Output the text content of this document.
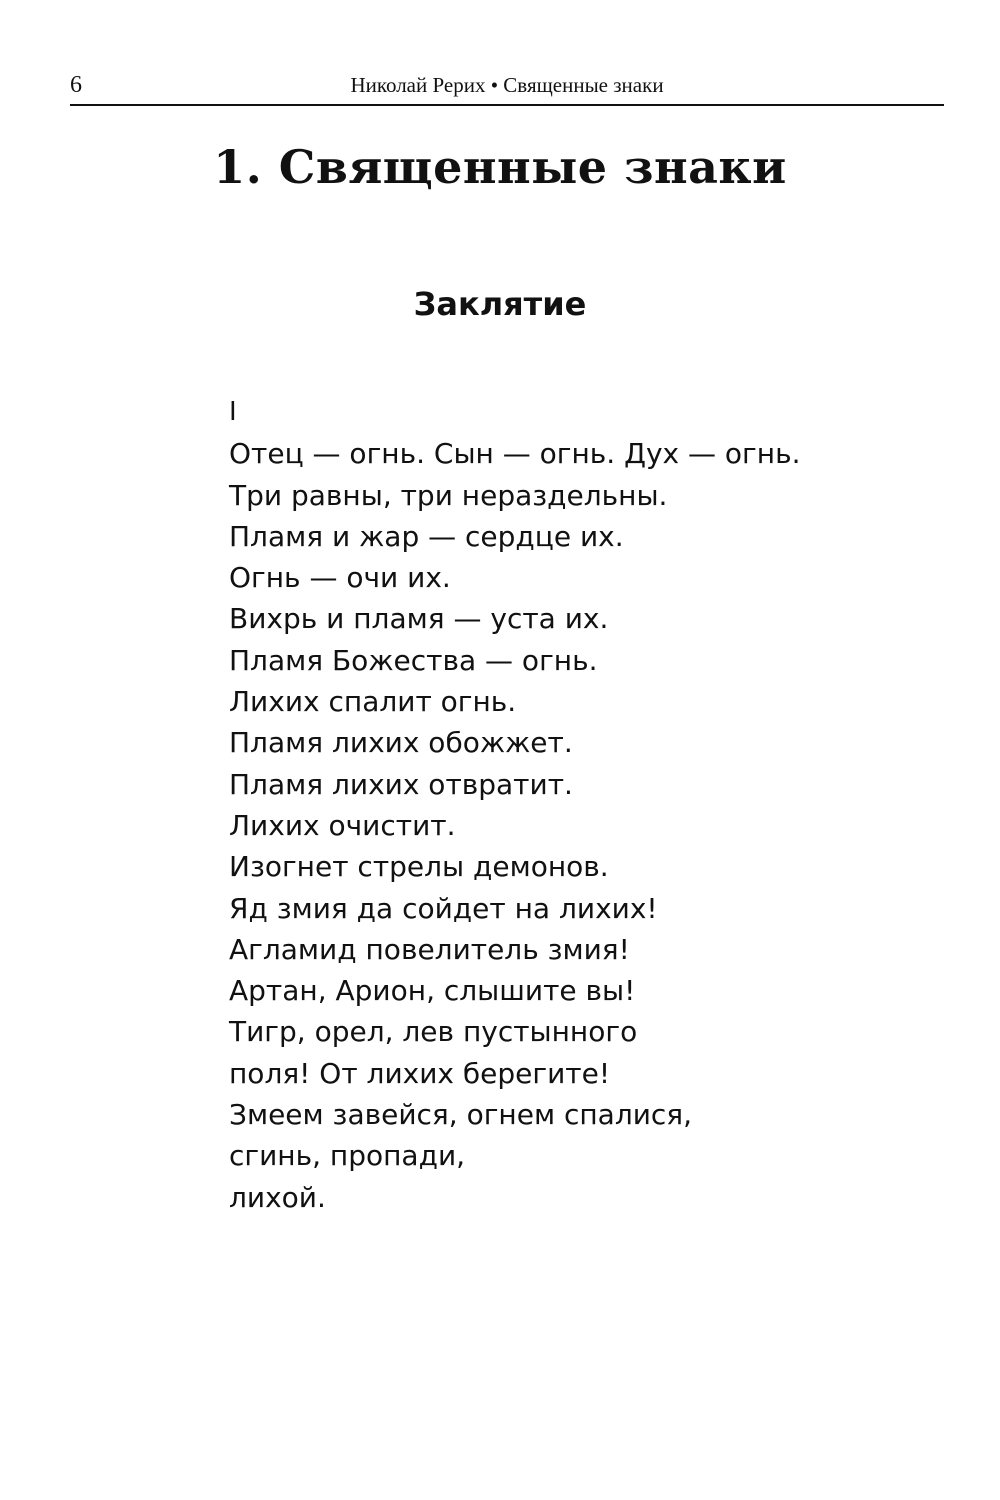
6	Николай Рерих • Священные знаки
1. Священные знаки
Заклятие
I
Отец — огнь. Сын — огнь. Дух — огнь.
Три равны, три нераздельны.
Пламя и жар — сердце их.
Огнь — очи их.
Вихрь и пламя — уста их.
Пламя Божества — огнь.
Лихих спалит огнь.
Пламя лихих обожжет.
Пламя лихих отвратит.
Лихих очистит.
Изогнет стрелы демонов.
Яд змия да сойдет на лихих!
Агламид повелитель змия!
Артан, Арион, слышите вы!
Тигр, орел, лев пустынного
поля! От лихих берегите!
Змеем завейся, огнем спалися,
сгинь, пропади,
лихой.
